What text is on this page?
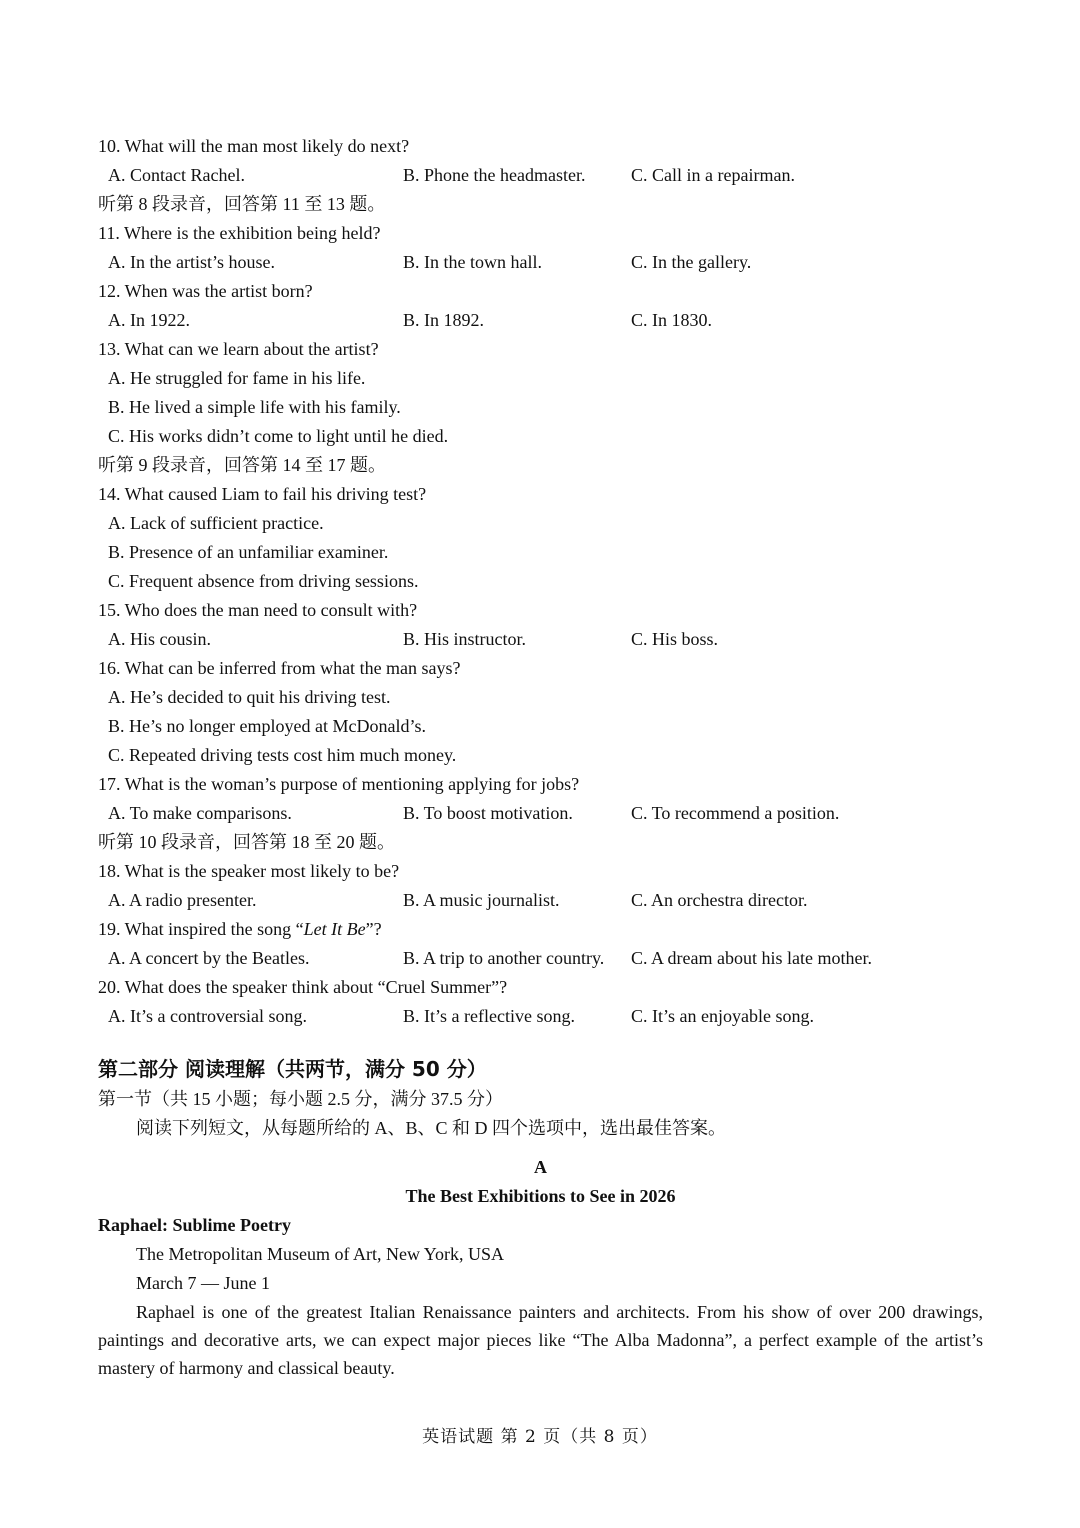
10. What will the man most likely do next?
A. Contact Rachel.	B. Phone the headmaster.	C. Call in a repairman.
听第 8 段录音，回答第 11 至 13 题。
11. Where is the exhibition being held?
A. In the artist’s house.	B. In the town hall.	C. In the gallery.
12. When was the artist born?
A. In 1922.	B. In 1892.	C. In 1830.
13. What can we learn about the artist?
A. He struggled for fame in his life.
B. He lived a simple life with his family.
C. His works didn’t come to light until he died.
听第 9 段录音，回答第 14 至 17 题。
14. What caused Liam to fail his driving test?
A. Lack of sufficient practice.
B. Presence of an unfamiliar examiner.
C. Frequent absence from driving sessions.
15. Who does the man need to consult with?
A. His cousin.	B. His instructor.	C. His boss.
16. What can be inferred from what the man says?
A. He’s decided to quit his driving test.
B. He’s no longer employed at McDonald’s.
C. Repeated driving tests cost him much money.
17. What is the woman’s purpose of mentioning applying for jobs?
A. To make comparisons.	B. To boost motivation.	C. To recommend a position.
听第 10 段录音，回答第 18 至 20 题。
18. What is the speaker most likely to be?
A. A radio presenter.	B. A music journalist.	C. An orchestra director.
19. What inspired the song “Let It Be”?
A. A concert by the Beatles.	B. A trip to another country. C. A dream about his late mother.
20. What does the speaker think about “Cruel Summer”?
A. It’s a controversial song.	B. It’s a reflective song.	C. It’s an enjoyable song.
第二部分 阅读理解（共两节，满分 50 分）
第一节（共 15 小题；每小题 2.5 分，满分 37.5 分）
阅读下列短文，从每题所给的 A、B、C 和 D 四个选项中，选出最佳答案。
A
The Best Exhibitions to See in 2026
Raphael: Sublime Poetry
The Metropolitan Museum of Art, New York, USA
March 7 — June 1
Raphael is one of the greatest Italian Renaissance painters and architects. From his show of over 200 drawings, paintings and decorative arts, we can expect major pieces like “The Alba Madonna”, a perfect example of the artist’s mastery of harmony and classical beauty.
英语试题 第 2 页（共 8 页）
